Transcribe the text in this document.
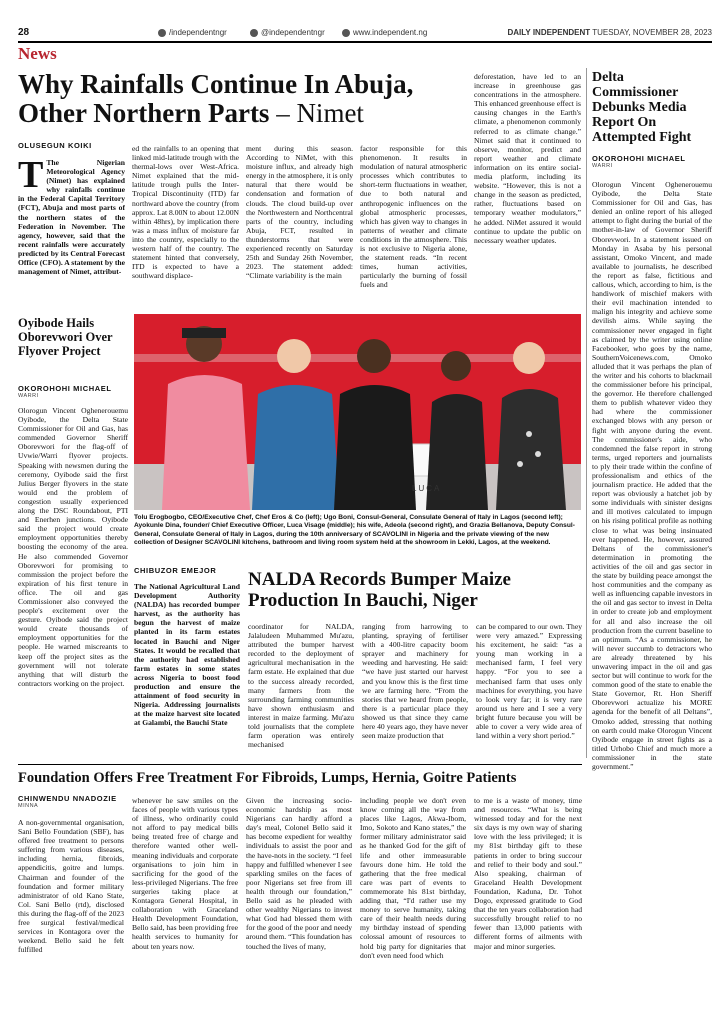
28	/independentngr	@independentngr	www.independent.ng	DAILY INDEPENDENT TUESDAY, NOVEMBER 28, 2023
News
Why Rainfalls Continue In Abuja,
Other Northern Parts – Nimet
OLUSEGUN KOIKI
T The Nigerian Meteorological Agency (Nimet) has explained why rainfalls continue in the Federal Capital Territory (FCT), Abuja and most parts of the northern states of the Federation in November. The agency, however, said that the recent rainfalls were accurately predicted by its Central Forecast Office (CFO). A statement by the management of Nimet, attribut-

ed the rainfalls to an opening that linked mid-latitude trough with the thermal-lows over West-Africa. Nimet explained that the mid-latitude trough pulls the Inter-Tropical Discontinuity (ITD) far northward above the country (from approx. Lat 8.00N to about 12.00N within 48hrs), by implication there was a mass influx of moisture far into the country, especially to the western half of the country. The statement hinted that conversely, ITD is expected to have a southward displace-

ment during this season. According to NiMet, with this moisture influx, and already high energy in the atmosphere, it is only natural that there would be condensation and formation of clouds. The cloud build-up over the Northwestern and Northcentral parts of the country, including Abuja, FCT, resulted in thunderstorms that were experienced recently on Saturday 25th and Sunday 26th November, 2023. The statement added: “Climate variability is the main

factor responsible for this phenomenon. It results in modulation of natural atmospheric processes which contributes to short-term fluctuations in weather, due to both natural and anthropogenic influences on the global atmospheric processes, which has given way to changes in patterns of weather and climate conditions in the atmosphere. This is not exclusive to Nigeria alone, the statement reads. “In recent times, human activities, particularly the burning of fossil fuels and

deforestation, have led to an increase in greenhouse gas concentrations in the atmosphere. This enhanced greenhouse effect is causing changes in the Earth's climate, a phenomenon commonly referred to as climate change.” Nimet said that it continued to observe, monitor, predict and report weather and climate information on its entire social-media platform, including its website. “However, this is not a change in the season as predicted, rather, fluctuations based on temporary weather modulators,” he added. NiMet assured it would continue to update the public on necessary weather updates.

Delta Commissioner Debunks Media Report On Attempted Fight
OKOROHOHI MICHAEL
WARRI

Olorogun Vincent Oghenerouemu Oyibode, the Delta State Commissioner for Oil and Gas, has denied an online report of his alleged attempt to fight during the burial of the mother-in-law of Governor Sheriff Oborevwori. In a statement issued on Monday in Asaba by his personal assistant, Omoko Vincent, and made available to journalists, he described the report as false, fictitious and callous, which, according to him, is the handiwork of mischief makers with their evil machination intended to malign his integrity and achieve some devilish aims. While saying the commissioner never engaged in fight as claimed by the writer using online Facebooker, who goes by the name, SouthernVoicenews.com, Omoko alluded that it was perhaps the plan of the writer and his cohorts to blackmail the commissioner before his principal, the governor. He therefore challenged them to publish whatever video they had where the commissioner exchanged blows with any person or fight with anyone during the event. The commissioner's aide, who condemned the false report in strong terms, urged reporters and journalists to ply their trade within the confine of professionalism and ethics of the journalism practice. He added that the report was obviously a hatchet job by some individuals with sinister designs and ill motives calculated to impugn on his rising political profile as nothing close to what was being insinuated ever happened. He, however, assured Deltans of the commissioner's determination in promoting the activities of the oil and gas sector in the state by building peace amongst the host communities and the company as well as influencing capable investors in the oil and gas sector to invest in Delta in order to create job and employment for all and also increase the oil production from the current baseline to an optimum. “As a commissioner, he will never succumb to detractors who are already threatened by his unwavering impact in the oil and gas sector but will continue to work for the common good of the state to enable the State Governor, Rt. Hon Sheriff Oborevwori actualize his MORE agenda for the benefit of all Deltans”, Omoko added, stressing that nothing on earth could make Olorogun Vincent Oyibode engage in street fights as a titled Urhobo Chief and much more a commissioner in the state government.”

Oyibode Hails Oborevwori Over Flyover Project
OKOROHOHI MICHAEL
WARRI

Olorogun Vincent Oghenerouemu Oyibode, the Delta State Commissioner for Oil and Gas, has commended Governor Sheriff Oborevwori for the flag-off of Uvwie/Warri flyover projects. Speaking with newsmen during the ceremony, Oyibode said the first Julius Berger flyovers in the state would end the problem of congestion usually experienced along the DSC Roundabout, PTI and Enerhen junctions. Oyibode said the project would create employment opportunities thereby boosting the economy of the area. He also commended Governor Oborevwori for promising to commission the project before the expiration of his first tenure in office. The oil and gas Commissioner also conveyed the people's excitement over the gesture. Oyibode said the project would create thousands of employment opportunities for the people. He warned miscreants to keep off the project sites as the government will not tolerate anything that will disturb the contractors working on the project.

LUCA
Tolu Erogbogbo, CEO/Executive Chef, Chef Eros & Co (left); Ugo Boni, Consul-General, Consulate General of Italy in Lagos (second left); Ayokunle Dina, founder/ Chief Executive Officer, Luca Visage (middle); his wife, Adeola (second right), and Grazia Bellanova, Deputy Consul-General, Consulate General of Italy in Lagos, during the 10th anniversary of SCAVOLINI in Nigeria and the private viewing of the new collection of Designer SCAVOLINI kitchens, bathroom and living room system held at the showroom in Lekki, Lagos, at the weekend.
CHIBUZOR EMEJOR

The National Agricultural Land Development Authority (NALDA) has recorded bumper harvest, as the authority has begun the harvest of maize planted in its farm estates located in Bauchi and Niger States. It would be recalled that the authority had established farm estates in some states across Nigeria to boost food production and ensure the attainment of food security in Nigeria. Addressing journalists at the maize harvest site located at Galambi, the Bauchi State

NALDA Records Bumper Maize Production In Bauchi, Niger

coordinator for NALDA, Jalaludeen Muhammed Mu'azu, attributed the bumper harvest recorded to the deployment of agricultural mechanisation in the farm estate. He explained that due to the success already recorded, many farmers from the surrounding farming communities have shown enthusiasm and interest in maize farming. Mu'azu told journalists that the complete farm operation was entirely mechanised

ranging from harrowing to planting, spraying of fertiliser with a 400-litre capacity boom sprayer and machinery for weeding and harvesting. He said: “we have just started our harvest and you know this is the first time we are farming here. “From the stories that we heard from people, there is a particular place they showed us that since they came here 40 years ago, they have never seen maize production that

can be compared to our own. They were very amazed.” Expressing his excitement, he said: “as a young man working in a mechanised farm, I feel very happy. “For you to see a mechanised farm that uses only machines for everything, you have to look very far; it is very rare around us here and I see a very bright future because you will be able to cover a very wide area of land within a very short period.”

Foundation Offers Free Treatment For Fibroids, Lumps, Hernia, Goitre Patients
CHINWENDU NNADOZIE
MINNA

A non-governmental organisation, Sani Bello Foundation (SBF), has offered free treatment to persons suffering from various diseases, including hernia, fibroids, appendicitis, goitre and lumps. Chairman and founder of the foundation and former military administrator of old Kano State, Col. Sani Bello (rtd), disclosed this during the flag-off of the 2023 free surgical festival/medical services in Kontagora over the weekend. Bello said he felt fulfilled

whenever he saw smiles on the faces of people with various types of illness, who ordinarily could not afford to pay medical bills being treated free of charge and therefore wanted other well-meaning individuals and corporate organisations to join him in sacrificing for the good of the less-privileged Nigerians. The free surgeries taking place at Kontagora General Hospital, in collaboration with Graceland Health Development Foundation, Bello said, has been providing free health services to humanity for about ten years now.

Given the increasing socio-economic hardship as most Nigerians can hardly afford a day's meal, Colonel Bello said it has become expedient for wealthy individuals to assist the poor and the have-nots in the society. “I feel happy and fulfilled whenever I see sparkling smiles on the faces of poor Nigerians set free from ill health through our foundation,” Bello said as he pleaded with other wealthy Nigerians to invest what God had blessed them with for the good of the poor and needy around them. “This foundation has touched the lives of many,

including people we don't even know coming all the way from places like Lagos, Akwa-Ibom, Imo, Sokoto and Kano states,” the former military administrator said as he thanked God for the gift of life and other immeasurable favours done him. He told the gathering that the free medical care was part of events to commemorate his 81st birthday, adding that, “I'd rather use my money to serve humanity, taking care of their health needs during my birthday instead of spending colossal amount of resources to hold big party for dignitaries that don't even need food which

to me is a waste of money, time and resources. “What is being witnessed today and for the next six days is my own way of sharing love with the less privileged; it is my 81st birthday gift to these patients in order to bring succour and relief to their body and soul.” Also speaking, chairman of Graceland Health Development Foundation, Kaduna, Dr. Tohot Dogo, expressed gratitude to God that the ten years collaboration had successfully brought relief to no fewer than 13,000 patients with different forms of ailments with major and minor surgeries.
